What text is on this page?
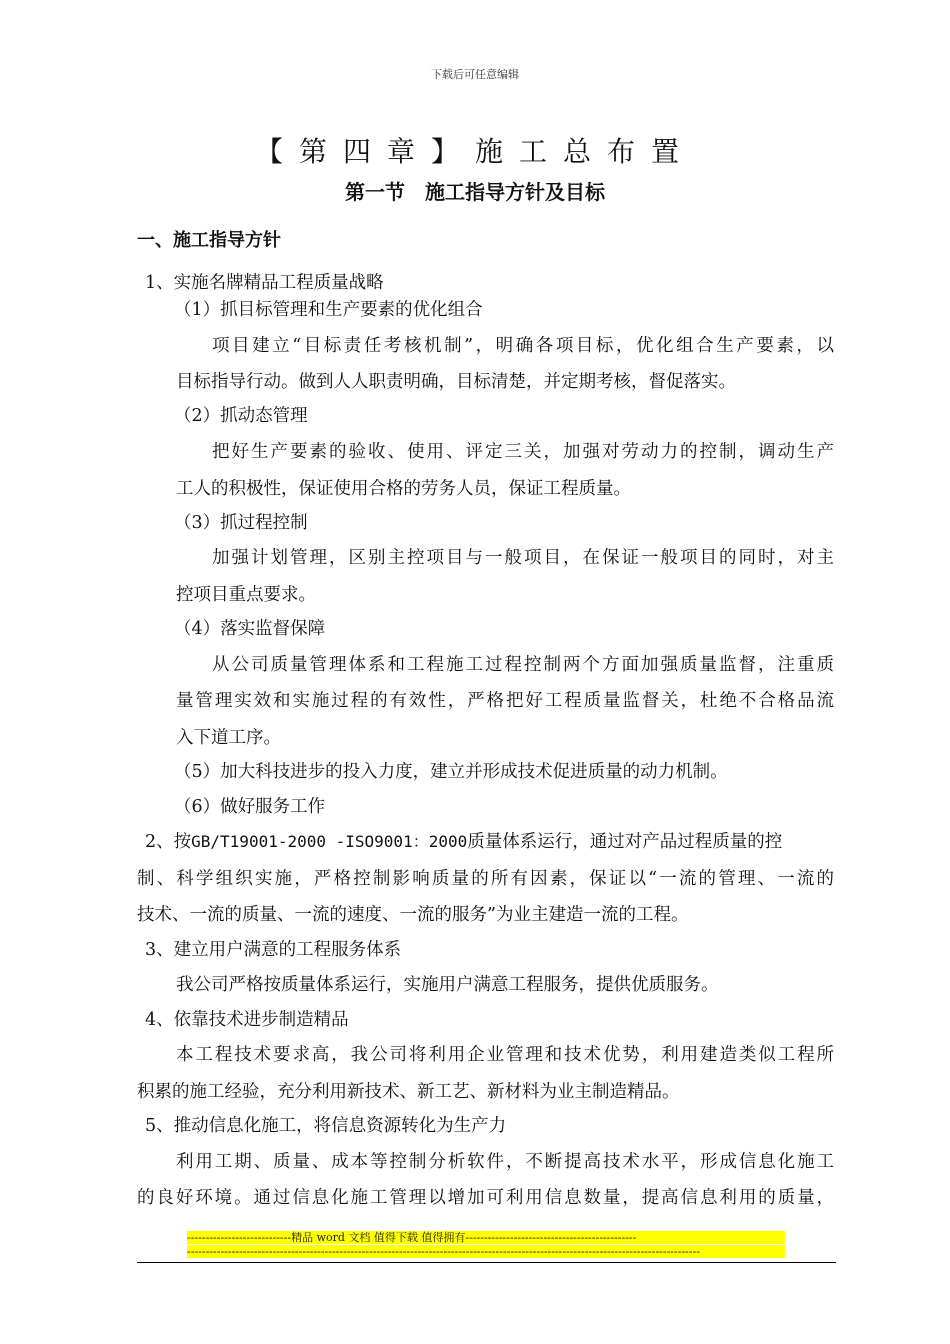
下载后可任意编辑
【第四章】施工总布置
第一节　施工指导方针及目标
一、施工指导方针
1、实施名牌精品工程质量战略
（1）抓目标管理和生产要素的优化组合
项目建立“目标责任考核机制”，明确各项目标，优化组合生产要素，以
目标指导行动。做到人人职责明确，目标清楚，并定期考核，督促落实。
（2）抓动态管理
把好生产要素的验收、使用、评定三关，加强对劳动力的控制，调动生产
工人的积极性，保证使用合格的劳务人员，保证工程质量。
（3）抓过程控制
加强计划管理，区别主控项目与一般项目，在保证一般项目的同时，对主
控项目重点要求。
（4）落实监督保障
从公司质量管理体系和工程施工过程控制两个方面加强质量监督，注重质
量管理实效和实施过程的有效性，严格把好工程质量监督关，杜绝不合格品流
入下道工序。
（5）加大科技进步的投入力度，建立并形成技术促进质量的动力机制。
（6）做好服务工作
2、按GB/T19001-2000 -ISO9001：2000质量体系运行，通过对产品过程质量的控
制、科学组织实施，严格控制影响质量的所有因素，保证以“一流的管理、一流的
技术、一流的质量、一流的速度、一流的服务”为业主建造一流的工程。
3、建立用户满意的工程服务体系
我公司严格按质量体系运行，实施用户满意工程服务，提供优质服务。
4、依靠技术进步制造精品
本工程技术要求高，我公司将利用企业管理和技术优势，利用建造类似工程所
积累的施工经验，充分利用新技术、新工艺、新材料为业主制造精品。
5、推动信息化施工，将信息资源转化为生产力
利用工期、质量、成本等控制分析软件，不断提高技术水平，形成信息化施工
的良好环境。通过信息化施工管理以增加可利用信息数量，提高信息利用的质量，
----------------------------精品 word 文档 值得下载 值得拥有----------------------------------------------
------------------------------------------------------------------------------------------------------------------------------------------
